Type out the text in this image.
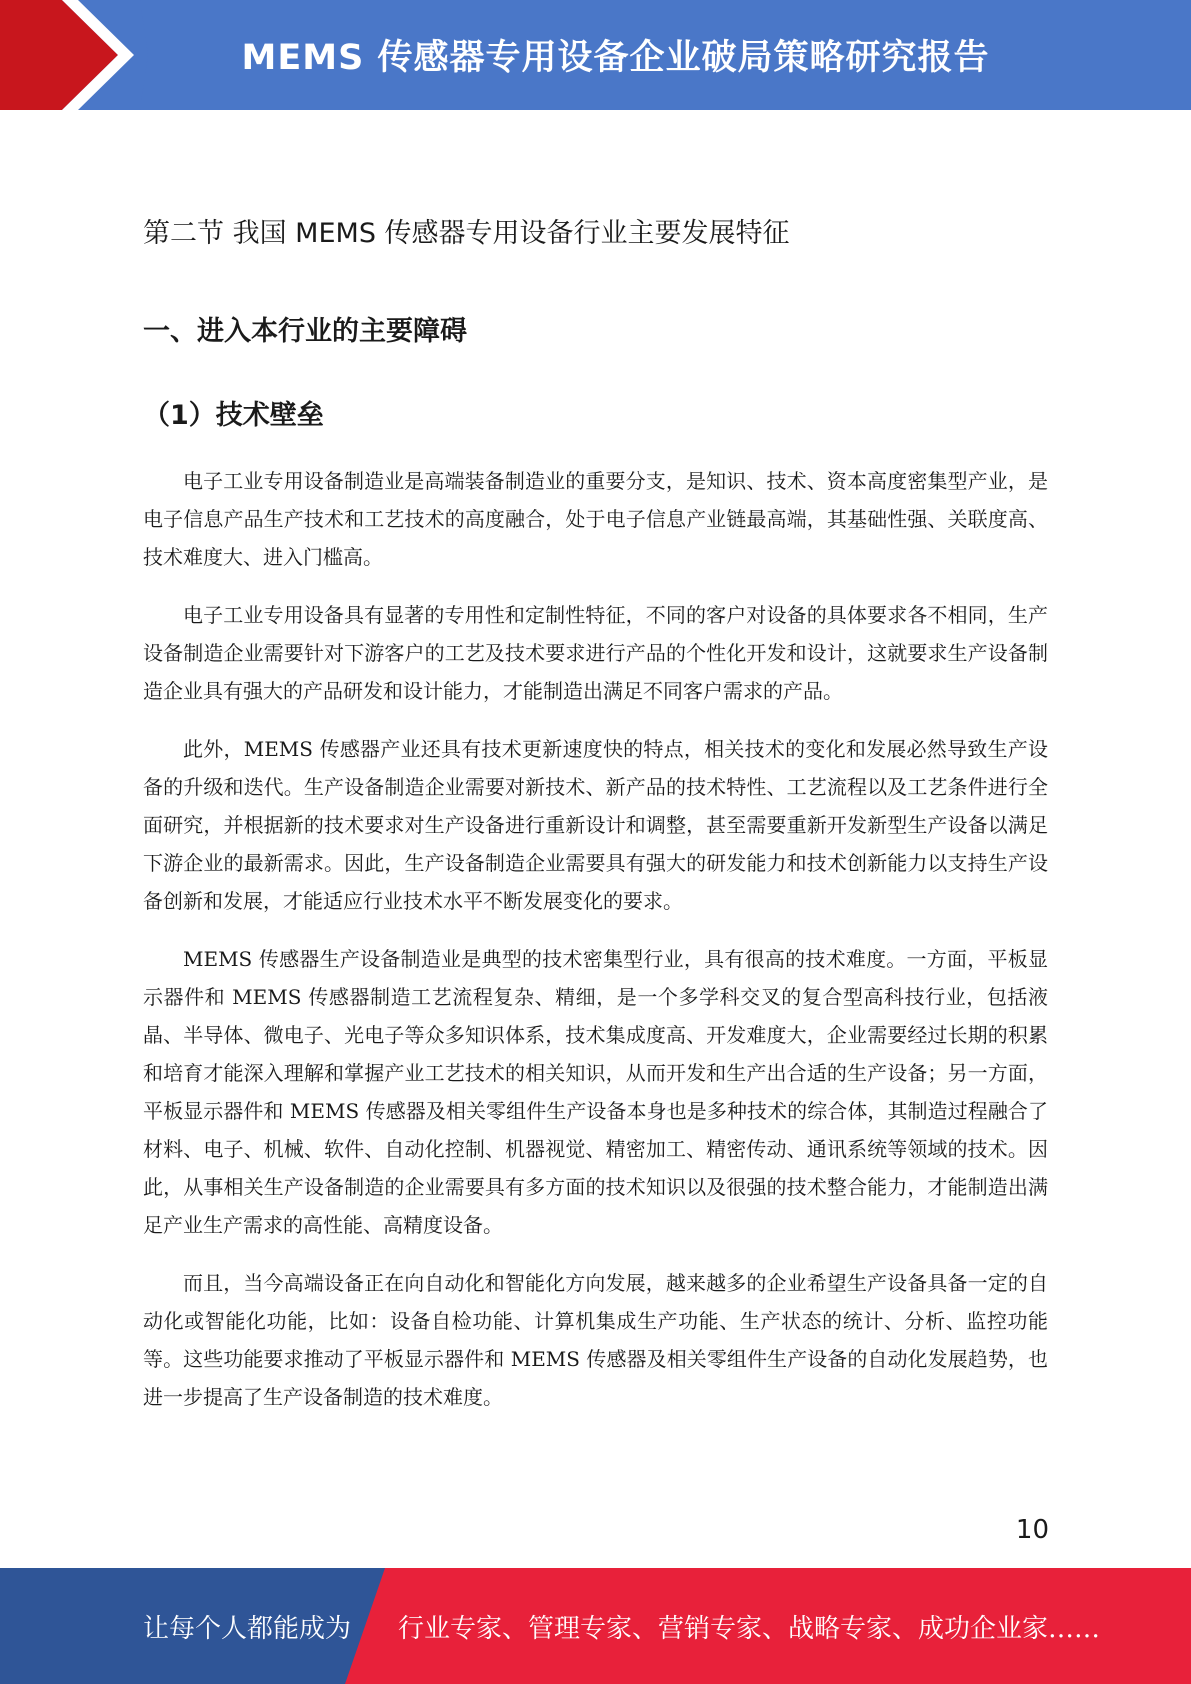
MEMS 传感器专用设备企业破局策略研究报告
第二节 我国 MEMS 传感器专用设备行业主要发展特征
一、进入本行业的主要障碍
（1）技术壁垒

电子工业专用设备制造业是高端装备制造业的重要分支，是知识、技术、资本高度密集型产业，是电子信息产品生产技术和工艺技术的高度融合，处于电子信息产业链最高端，其基础性强、关联度高、技术难度大、进入门槛高。

电子工业专用设备具有显著的专用性和定制性特征，不同的客户对设备的具体要求各不相同，生产设备制造企业需要针对下游客户的工艺及技术要求进行产品的个性化开发和设计，这就要求生产设备制造企业具有强大的产品研发和设计能力，才能制造出满足不同客户需求的产品。

此外，MEMS 传感器产业还具有技术更新速度快的特点，相关技术的变化和发展必然导致生产设备的升级和迭代。生产设备制造企业需要对新技术、新产品的技术特性、工艺流程以及工艺条件进行全面研究，并根据新的技术要求对生产设备进行重新设计和调整，甚至需要重新开发新型生产设备以满足下游企业的最新需求。因此，生产设备制造企业需要具有强大的研发能力和技术创新能力以支持生产设备创新和发展，才能适应行业技术水平不断发展变化的要求。

MEMS 传感器生产设备制造业是典型的技术密集型行业，具有很高的技术难度。一方面，平板显示器件和 MEMS 传感器制造工艺流程复杂、精细，是一个多学科交叉的复合型高科技行业，包括液晶、半导体、微电子、光电子等众多知识体系，技术集成度高、开发难度大，企业需要经过长期的积累和培育才能深入理解和掌握产业工艺技术的相关知识，从而开发和生产出合适的生产设备；另一方面，平板显示器件和 MEMS 传感器及相关零组件生产设备本身也是多种技术的综合体，其制造过程融合了材料、电子、机械、软件、自动化控制、机器视觉、精密加工、精密传动、通讯系统等领域的技术。因此，从事相关生产设备制造的企业需要具有多方面的技术知识以及很强的技术整合能力，才能制造出满足产业生产需求的高性能、高精度设备。

而且，当今高端设备正在向自动化和智能化方向发展，越来越多的企业希望生产设备具备一定的自动化或智能化功能，比如：设备自检功能、计算机集成生产功能、生产状态的统计、分析、监控功能等。这些功能要求推动了平板显示器件和 MEMS 传感器及相关零组件生产设备的自动化发展趋势，也进一步提高了生产设备制造的技术难度。

10
让每个人都能成为 行业专家、管理专家、营销专家、战略专家、成功企业家……
